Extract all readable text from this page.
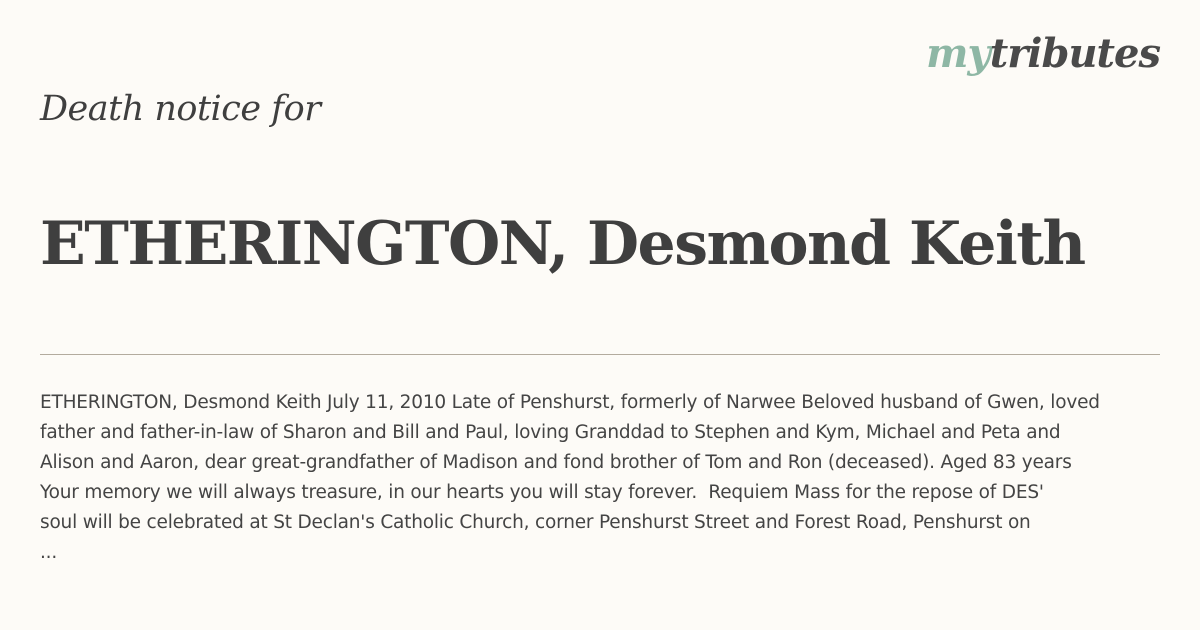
mytributes
Death notice for
ETHERINGTON, Desmond Keith

ETHERINGTON, Desmond Keith July 11, 2010 Late of Penshurst, formerly of Narwee Beloved husband of Gwen, loved
father and father-in-law of Sharon and Bill and Paul, loving Granddad to Stephen and Kym, Michael and Peta and
Alison and Aaron, dear great-grandfather of Madison and fond brother of Tom and Ron (deceased). Aged 83 years
Your memory we will always treasure, in our hearts you will stay forever.  Requiem Mass for the repose of DES'
soul will be celebrated at St Declan's Catholic Church, corner Penshurst Street and Forest Road, Penshurst on
...
